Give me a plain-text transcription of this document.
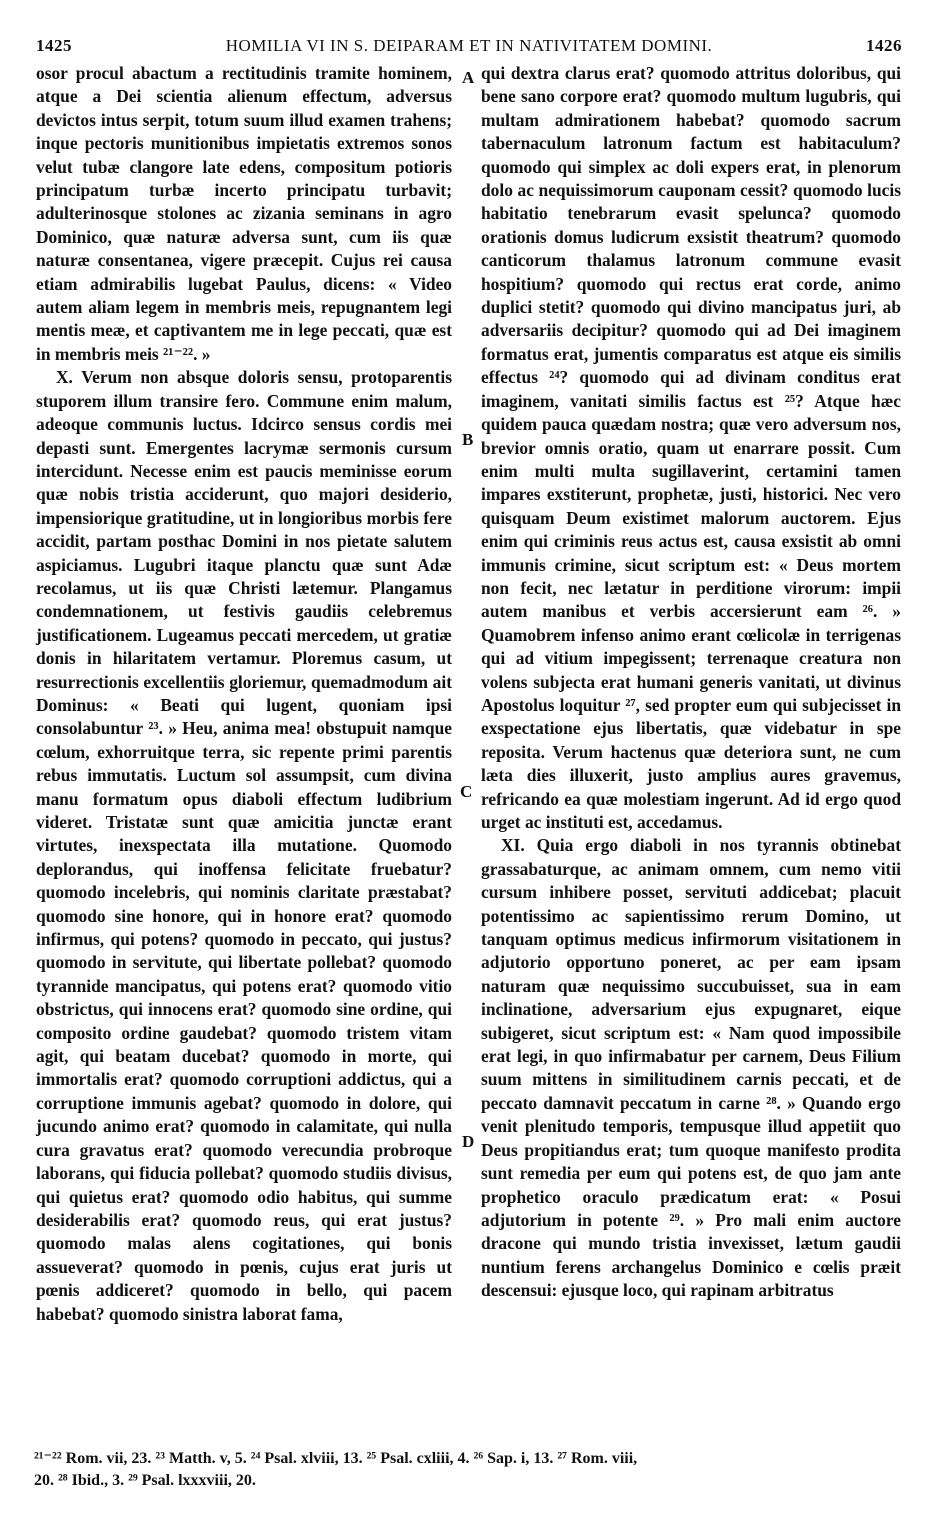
1425	HOMILIA VI IN S. DEIPARAM ET IN NATIVITATEM DOMINI.	1426

osor procul abactum a rectitudinis tramite hominem, atque a Dei scientia alienum effectum, adversus devictos intus serpit, totum suum illud examen trahens; inque pectoris munitionibus impietatis extremos sonos velut tubæ clangore late edens, compositum potioris principatum turbæ incerto principatu turbavit; adulterinosque stolones ac zizania seminans in agro Dominico, quæ naturæ adversa sunt, cum iis quæ naturæ consentanea, vigere præcepit. Cujus rei causa etiam admirabilis lugebat Paulus, dicens: « Video autem aliam legem in membris meis, repugnantem legi mentis meæ, et captivantem me in lege peccati, quæ est in membris meis ²¹⁻²². »

X. Verum non absque doloris sensu, protoparentis stuporem illum transire fero. Commune enim malum, adeoque communis luctus. Idcirco sensus cordis mei depasti sunt. Emergentes lacrymæ sermonis cursum intercidunt. Necesse enim est paucis meminisse eorum quæ nobis tristia acciderunt, quo majori desiderio, impensiorique gratitudine, ut in longioribus morbis fere accidit, partam posthac Domini in nos pietate salutem aspiciamus. Lugubri itaque planctu quæ sunt Adæ recolamus, ut iis quæ Christi lætemur. Plangamus condemnationem, ut festivis gaudiis celebremus justificationem. Lugeamus peccati mercedem, ut gratiæ donis in hilaritatem vertamur. Ploremus casum, ut resurrectionis excellentiis gloriemur, quemadmodum ait Dominus: « Beati qui lugent, quoniam ipsi consolabuntur ²³. » Heu, anima mea! obstupuit namque cœlum, exhorruitque terra, sic repente primi parentis rebus immutatis. Luctum sol assumpsit, cum divina manu formatum opus diaboli effectum ludibrium videret. Tristatæ sunt quæ amicitia junctæ erant virtutes, inexspectata illa mutatione. Quomodo deplorandus, qui inoffensa felicitate fruebatur? quomodo incelebris, qui nominis claritate præstabat? quomodo sine honore, qui in honore erat? quomodo infirmus, qui potens? quomodo in peccato, qui justus? quomodo in servitute, qui libertate pollebat? quomodo tyrannide mancipatus, qui potens erat? quomodo vitio obstrictus, qui innocens erat? quomodo sine ordine, qui composito ordine gaudebat? quomodo tristem vitam agit, qui beatam ducebat? quomodo in morte, qui immortalis erat? quomodo corruptioni addictus, qui a corruptione immunis agebat? quomodo in dolore, qui jucundo animo erat? quomodo in calamitate, qui nulla cura gravatus erat? quomodo verecundia probroque laborans, qui fiducia pollebat? quomodo studiis divisus, qui quietus erat? quomodo odio habitus, qui summe desiderabilis erat? quomodo reus, qui erat justus? quomodo malas alens cogitationes, qui bonis assueverat? quomodo in pœnis, cujus erat juris ut pœnis addiceret? quomodo in bello, qui pacem habebat? quomodo sinistra laborat fama,

qui dextra clarus erat? quomodo attritus doloribus, qui bene sano corpore erat? quomodo multum lugubris, qui multam admirationem habebat? quomodo sacrum tabernaculum latronum factum est habitaculum? quomodo qui simplex ac doli expers erat, in plenorum dolo ac nequissimorum cauponam cessit? quomodo lucis habitatio tenebrarum evasit spelunca? quomodo orationis domus ludicrum exsistit theatrum? quomodo canticorum thalamus latronum commune evasit hospitium? quomodo qui rectus erat corde, animo duplici stetit? quomodo qui divino mancipatus juri, ab adversariis decipitur? quomodo qui ad Dei imaginem formatus erat, jumentis comparatus est atque eis similis effectus ²⁴? quomodo qui ad divinam conditus erat imaginem, vanitati similis factus est ²⁵? Atque hæc quidem pauca quædam nostra; quæ vero adversum nos, brevior omnis oratio, quam ut enarrare possit. Cum enim multi multa sugillaverint, certamini tamen impares exstiterunt, prophetæ, justi, historici. Nec vero quisquam Deum existimet malorum auctorem. Ejus enim qui criminis reus actus est, causa exsistit ab omni immunis crimine, sicut scriptum est: « Deus mortem non fecit, nec lætatur in perditione virorum: impii autem manibus et verbis accersierunt eam ²⁶. » Quamobrem infenso animo erant cœlicolæ in terrigenas qui ad vitium impegissent; terrenaque creatura non volens subjecta erat humani generis vanitati, ut divinus Apostolus loquitur ²⁷, sed propter eum qui subjecisset in exspectatione ejus libertatis, quæ videbatur in spe reposita. Verum hactenus quæ deteriora sunt, ne cum læta dies illuxerit, justo amplius aures gravemus, refricando ea quæ molestiam ingerunt. Ad id ergo quod urget ac instituti est, accedamus.

XI. Quia ergo diaboli in nos tyrannis obtinebat grassabaturque, ac animam omnem, cum nemo vitii cursum inhibere posset, servituti addicebat; placuit potentissimo ac sapientissimo rerum Domino, ut tanquam optimus medicus infirmorum visitationem in adjutorio opportuno poneret, ac per eam ipsam naturam quæ nequissimo succubuisset, sua in eam inclinatione, adversarium ejus expugnaret, eique subigeret, sicut scriptum est: « Nam quod impossibile erat legi, in quo infirmabatur per carnem, Deus Filium suum mittens in similitudinem carnis peccati, et de peccato damnavit peccatum in carne ²⁸. » Quando ergo venit plenitudo temporis, tempusque illud appetiit quo Deus propitiandus erat; tum quoque manifesto prodita sunt remedia per eum qui potens est, de quo jam ante prophetico oraculo prædicatum erat: « Posui adjutorium in potente ²⁹. » Pro mali enim auctore dracone qui mundo tristia invexisset, lætum gaudii nuntium ferens archangelus Dominico e cœlis præit descensui: ejusque loco, qui rapinam arbitratus

A
B
C
D
²¹⁻²² Rom. vii, 23. ²³ Matth. v, 5. ²⁴ Psal. xlviii, 13. ²⁵ Psal. cxliii, 4. ²⁶ Sap. i, 13. ²⁷ Rom. viii,
20. ²⁸ Ibid., 3. ²⁹ Psal. lxxxviii, 20.
